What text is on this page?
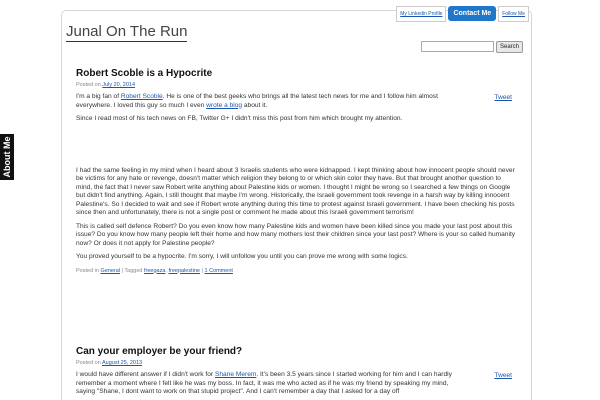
About Me
My Linkedin Profile	Contact Me	Follow Me
Junal On The Run
Search
Robert Scoble is a Hypocrite
Posted on July 20, 2014

I'm a big fan of Robert Scoble. He is one of the best geeks who brings all the latest tech news for me and I follow him almost everywhere. I loved this guy so much I even wrote a blog about it.
Tweet

Since I read most of his tech news on FB, Twitter G+ I didn't miss this post from him which brought my attention.

I had the same feeling in my mind when I heard about 3 Israelis students who were kidnapped. I kept thinking about how innocent people should never be victims for any hate or revenge, doesn't matter which religion they belong to or which skin color they have. But that brought another question to mind, the fact that I never saw Robert write anything about Palestine kids or women. I thought I might be wrong so I searched a few things on Google but didn't find anything. Again, I still thought that maybe I'm wrong. Historically, the Israeli government took revenge in a harsh way by killing innocent Palestine's. So I decided to wait and see if Robert wrote anything during this time to protest against Israeli government. I have been checking his posts since then and unfortunately, there is not a single post or comment he made about this Israeli government terrorism!

This is called self defence Robert? Do you even know how many Palestine kids and women have been killed since you made your last post about this issue? Do you know how many people left their home and how many mothers lost their children since your last post? Where is your so called humanity now? Or does it not apply for Palestine people?

You proved yourself to be a hypocrite. I'm sorry, I will unfollow you until you can prove me wrong with some logics.

Posted in General | Tagged freegaza, freepalestine | 1 Comment
Can your employer be your friend?
Posted on August 25, 2013

I would have different answer if I didn't work for Shane Merem. It's been 3.5 years since I started working for him and I can hardly remember a moment where I felt like he was my boss. In fact, it was me who acted as if he was my friend by speaking my mind, saying "Shane, I dont want to work on that stupid project". And I can't remember a day that I asked for a day off
Tweet
